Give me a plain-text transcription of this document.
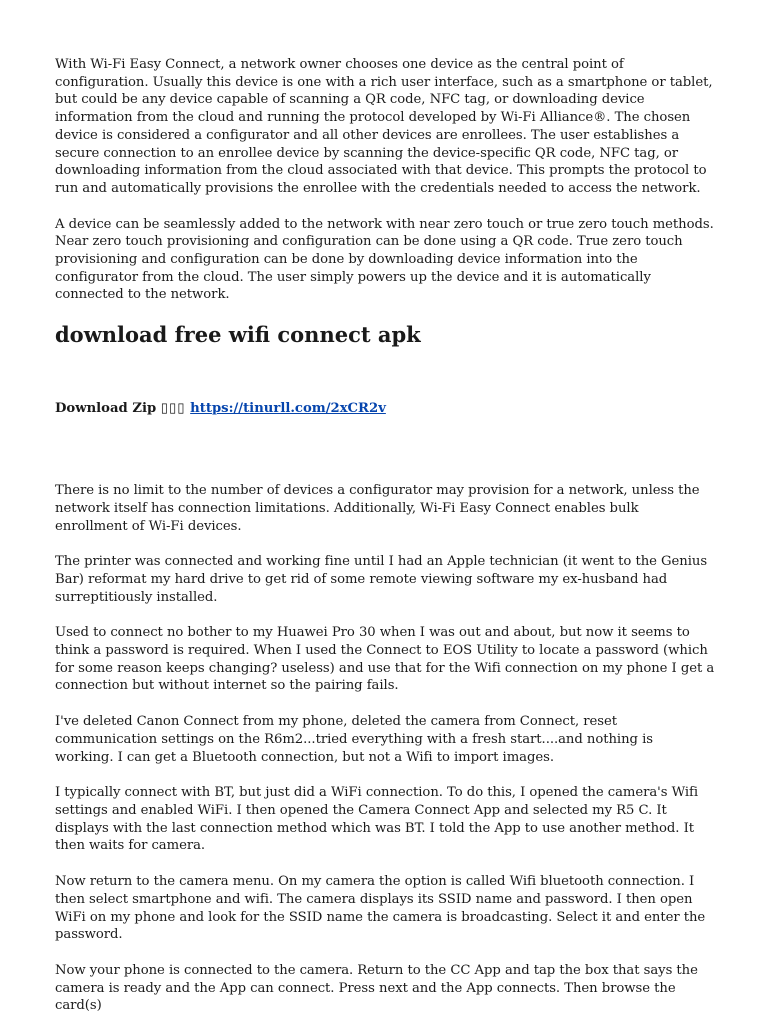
With Wi-Fi Easy Connect, a network owner chooses one device as the central point of configuration. Usually this device is one with a rich user interface, such as a smartphone or tablet, but could be any device capable of scanning a QR code, NFC tag, or downloading device information from the cloud and running the protocol developed by Wi-Fi Alliance®. The chosen device is considered a configurator and all other devices are enrollees. The user establishes a secure connection to an enrollee device by scanning the device-specific QR code, NFC tag, or downloading information from the cloud associated with that device. This prompts the protocol to run and automatically provisions the enrollee with the credentials needed to access the network.

A device can be seamlessly added to the network with near zero touch or true zero touch methods. Near zero touch provisioning and configuration can be done using a QR code. True zero touch provisioning and configuration can be done by downloading device information into the configurator from the cloud. The user simply powers up the device and it is automatically connected to the network.

download free wifi connect apk
Download Zip ▯▯▯ https://tinurll.com/2xCR2v

There is no limit to the number of devices a configurator may provision for a network, unless the network itself has connection limitations. Additionally, Wi-Fi Easy Connect enables bulk enrollment of Wi-Fi devices.

The printer was connected and working fine until I had an Apple technician (it went to the Genius Bar) reformat my hard drive to get rid of some remote viewing software my ex-husband had surreptitiously installed.

Used to connect no bother to my Huawei Pro 30 when I was out and about, but now it seems to think a password is required. When I used the Connect to EOS Utility to locate a password (which for some reason keeps changing? useless) and use that for the Wifi connection on my phone I get a connection but without internet so the pairing fails.

I've deleted Canon Connect from my phone, deleted the camera from Connect, reset communication settings on the R6m2...tried everything with a fresh start....and nothing is working. I can get a Bluetooth connection, but not a Wifi to import images.

I typically connect with BT, but just did a WiFi connection. To do this, I opened the camera's Wifi settings and enabled WiFi. I then opened the Camera Connect App and selected my R5 C. It displays with the last connection method which was BT. I told the App to use another method. It then waits for camera.

Now return to the camera menu. On my camera the option is called Wifi bluetooth connection. I then select smartphone and wifi. The camera displays its SSID name and password. I then open WiFi on my phone and look for the SSID name the camera is broadcasting. Select it and enter the password.

Now your phone is connected to the camera. Return to the CC App and tap the box that says the camera is ready and the App can connect. Press next and the App connects. Then browse the card(s)
